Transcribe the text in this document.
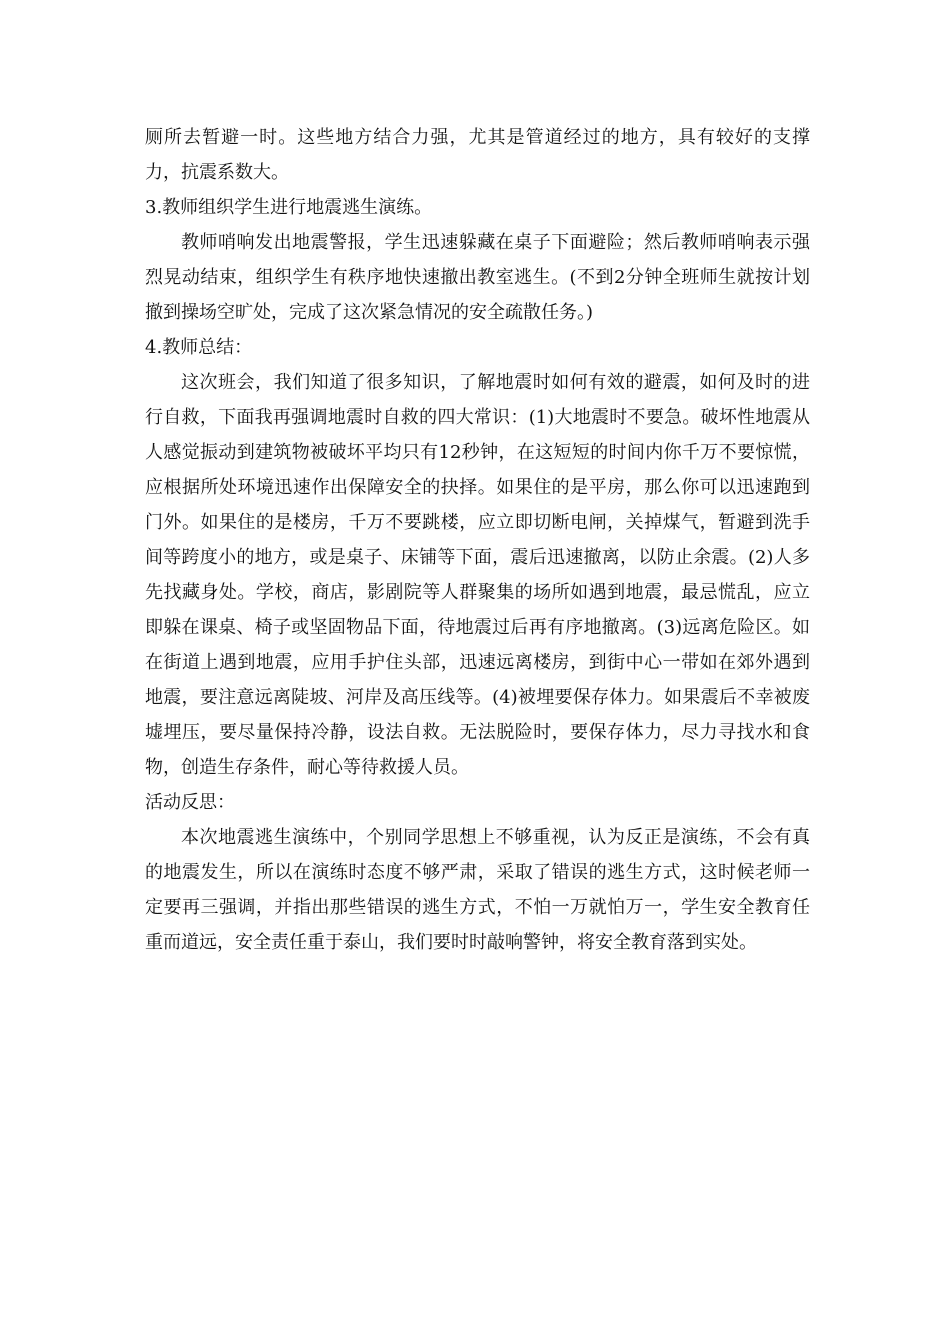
厕所去暂避一时。这些地方结合力强，尤其是管道经过的地方，具有较好的支撑力，抗震系数大。

3.教师组织学生进行地震逃生演练。

教师哨响发出地震警报，学生迅速躲藏在桌子下面避险；然后教师哨响表示强烈晃动结束，组织学生有秩序地快速撤出教室逃生。(不到2分钟全班师生就按计划撤到操场空旷处，完成了这次紧急情况的安全疏散任务。)

4.教师总结：

这次班会，我们知道了很多知识，了解地震时如何有效的避震，如何及时的进行自救，下面我再强调地震时自救的四大常识：(1)大地震时不要急。破坏性地震从人感觉振动到建筑物被破坏平均只有12秒钟，在这短短的时间内你千万不要惊慌，应根据所处环境迅速作出保障安全的抉择。如果住的是平房，那么你可以迅速跑到门外。如果住的是楼房，千万不要跳楼，应立即切断电闸，关掉煤气，暂避到洗手间等跨度小的地方，或是桌子、床铺等下面，震后迅速撤离，以防止余震。(2)人多先找藏身处。学校，商店，影剧院等人群聚集的场所如遇到地震，最忌慌乱，应立即躲在课桌、椅子或坚固物品下面，待地震过后再有序地撤离。(3)远离危险区。如在街道上遇到地震，应用手护住头部，迅速远离楼房，到街中心一带如在郊外遇到地震，要注意远离陡坡、河岸及高压线等。(4)被埋要保存体力。如果震后不幸被废墟埋压，要尽量保持冷静，设法自救。无法脱险时，要保存体力，尽力寻找水和食物，创造生存条件，耐心等待救援人员。

活动反思：

本次地震逃生演练中，个别同学思想上不够重视，认为反正是演练，不会有真的地震发生，所以在演练时态度不够严肃，采取了错误的逃生方式，这时候老师一定要再三强调，并指出那些错误的逃生方式，不怕一万就怕万一，学生安全教育任重而道远，安全责任重于泰山，我们要时时敲响警钟，将安全教育落到实处。
